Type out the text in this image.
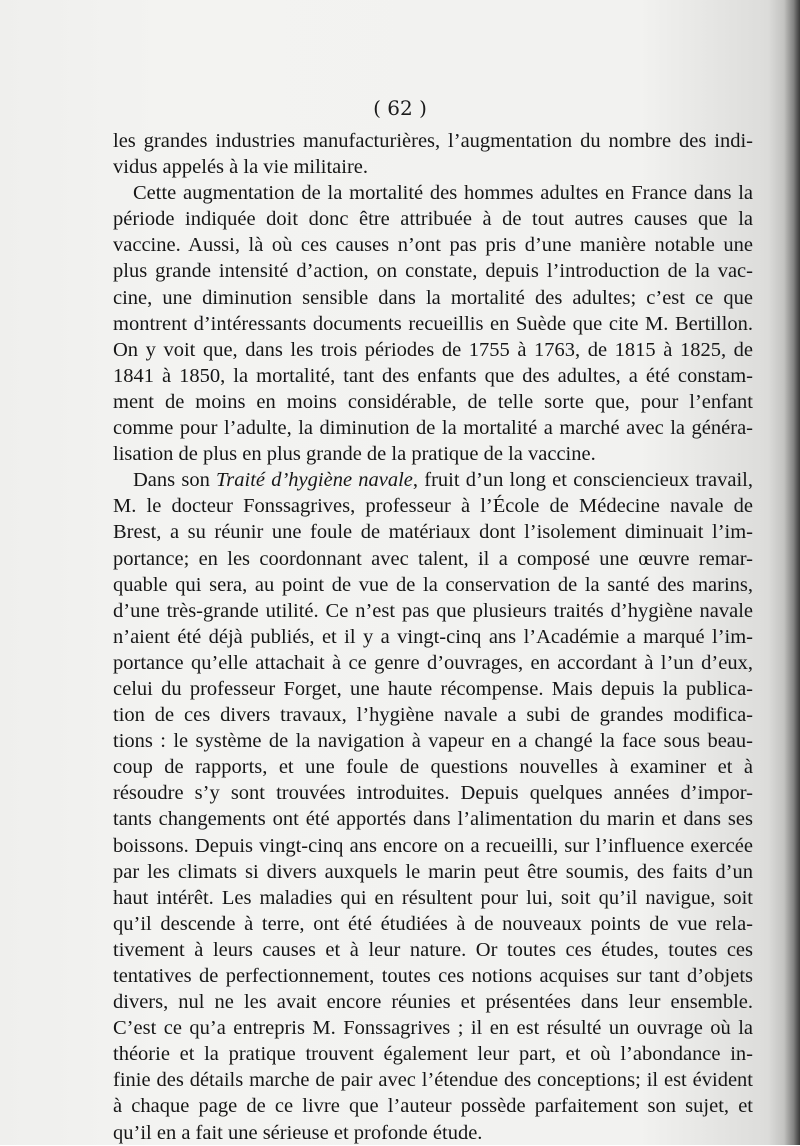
( 62 )
les grandes industries manufacturières, l’augmentation du nombre des indi-
vidus appelés à la vie militaire.
Cette augmentation de la mortalité des hommes adultes en France dans la
période indiquée doit donc être attribuée à de tout autres causes que la
vaccine. Aussi, là où ces causes n’ont pas pris d’une manière notable une
plus grande intensité d’action, on constate, depuis l’introduction de la vac-
cine, une diminution sensible dans la mortalité des adultes; c’est ce que
montrent d’intéressants documents recueillis en Suède que cite M. Bertillon.
On y voit que, dans les trois périodes de 1755 à 1763, de 1815 à 1825, de
1841 à 1850, la mortalité, tant des enfants que des adultes, a été constam-
ment de moins en moins considérable, de telle sorte que, pour l’enfant
comme pour l’adulte, la diminution de la mortalité a marché avec la généra-
lisation de plus en plus grande de la pratique de la vaccine.
Dans son Traité d’hygiène navale, fruit d’un long et consciencieux travail,
M. le docteur Fonssagrives, professeur à l’École de Médecine navale de
Brest, a su réunir une foule de matériaux dont l’isolement diminuait l’im-
portance; en les coordonnant avec talent, il a composé une œuvre remar-
quable qui sera, au point de vue de la conservation de la santé des marins,
d’une très-grande utilité. Ce n’est pas que plusieurs traités d’hygiène navale
n’aient été déjà publiés, et il y a vingt-cinq ans l’Académie a marqué l’im-
portance qu’elle attachait à ce genre d’ouvrages, en accordant à l’un d’eux,
celui du professeur Forget, une haute récompense. Mais depuis la publica-
tion de ces divers travaux, l’hygiène navale a subi de grandes modifica-
tions : le système de la navigation à vapeur en a changé la face sous beau-
coup de rapports, et une foule de questions nouvelles à examiner et à
résoudre s’y sont trouvées introduites. Depuis quelques années d’impor-
tants changements ont été apportés dans l’alimentation du marin et dans ses
boissons. Depuis vingt-cinq ans encore on a recueilli, sur l’influence exercée
par les climats si divers auxquels le marin peut être soumis, des faits d’un
haut intérêt. Les maladies qui en résultent pour lui, soit qu’il navigue, soit
qu’il descende à terre, ont été étudiées à de nouveaux points de vue rela-
tivement à leurs causes et à leur nature. Or toutes ces études, toutes ces
tentatives de perfectionnement, toutes ces notions acquises sur tant d’objets
divers, nul ne les avait encore réunies et présentées dans leur ensemble.
C’est ce qu’a entrepris M. Fonssagrives ; il en est résulté un ouvrage où la
théorie et la pratique trouvent également leur part, et où l’abondance in-
finie des détails marche de pair avec l’étendue des conceptions; il est évident
à chaque page de ce livre que l’auteur possède parfaitement son sujet, et
qu’il en a fait une sérieuse et profonde étude.
